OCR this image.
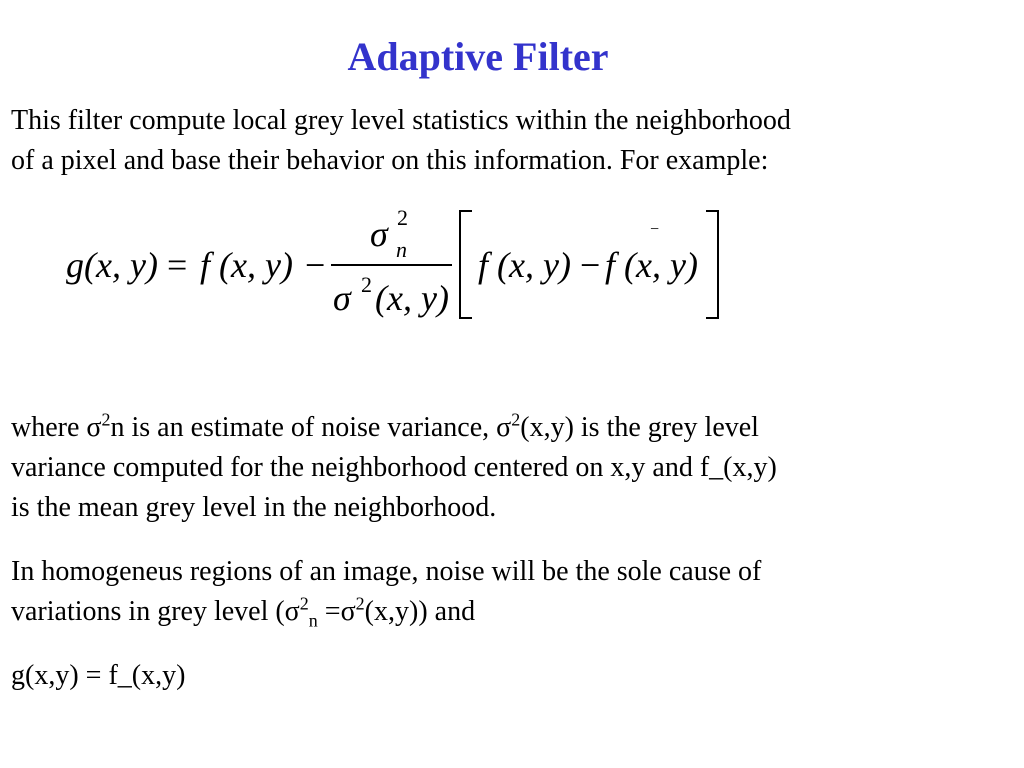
Adaptive Filter
This filter compute local grey level statistics within the neighborhood
of a pixel and base their behavior on this information. For example:
g(x, y) = f (x, y) −
σ 2
n
σ 2 (x, y)
f (x, y) −
−
f (x, y)
where $\sigma^2n$ is an estimate of noise variance, $\sigma^2(x,y)$ is the grey level
variance computed for the neighborhood centered on x,y and f_(x,y)
is the mean grey level in the neighborhood.
In homogeneus regions of an image, noise will be the sole cause of
variations in grey level $(\sigma^2_n =\sigma^2(x,y))$ and
g(x,y) = f_(x,y)
